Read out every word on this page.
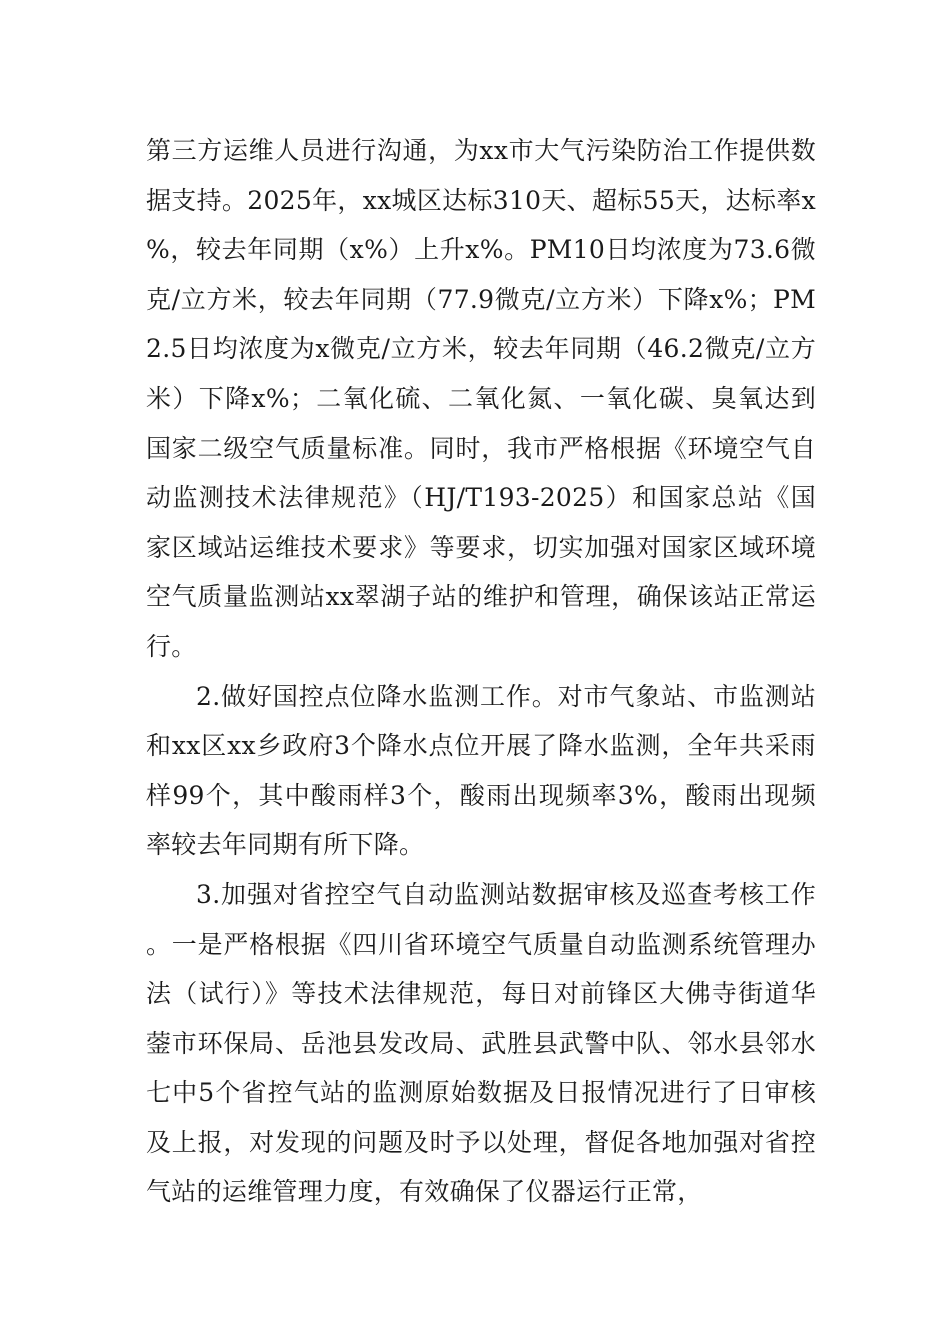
第三方运维人员进行沟通，为xx市大气污染防治工作提供数据支持。2025年，xx城区达标310天、超标55天，达标率x%，较去年同期（x%）上升x%。PM10日均浓度为73.6微克/立方米，较去年同期（77.9微克/立方米）下降x%；PM2.5日均浓度为x微克/立方米，较去年同期（46.2微克/立方米）下降x%；二氧化硫、二氧化氮、一氧化碳、臭氧达到国家二级空气质量标准。同时，我市严格根据《环境空气自动监测技术法律规范》（HJ/T193-2025）和国家总站《国家区域站运维技术要求》等要求，切实加强对国家区域环境空气质量监测站xx翠湖子站的维护和管理，确保该站正常运行。

2.做好国控点位降水监测工作。对市气象站、市监测站和xx区xx乡政府3个降水点位开展了降水监测，全年共采雨样99个，其中酸雨样3个，酸雨出现频率3%，酸雨出现频率较去年同期有所下降。

3.加强对省控空气自动监测站数据审核及巡查考核工作。一是严格根据《四川省环境空气质量自动监测系统管理办法（试行）》等技术法律规范，每日对前锋区大佛寺街道华蓥市环保局、岳池县发改局、武胜县武警中队、邻水县邻水七中5个省控气站的监测原始数据及日报情况进行了日审核及上报，对发现的问题及时予以处理，督促各地加强对省控气站的运维管理力度，有效确保了仪器运行正常，
